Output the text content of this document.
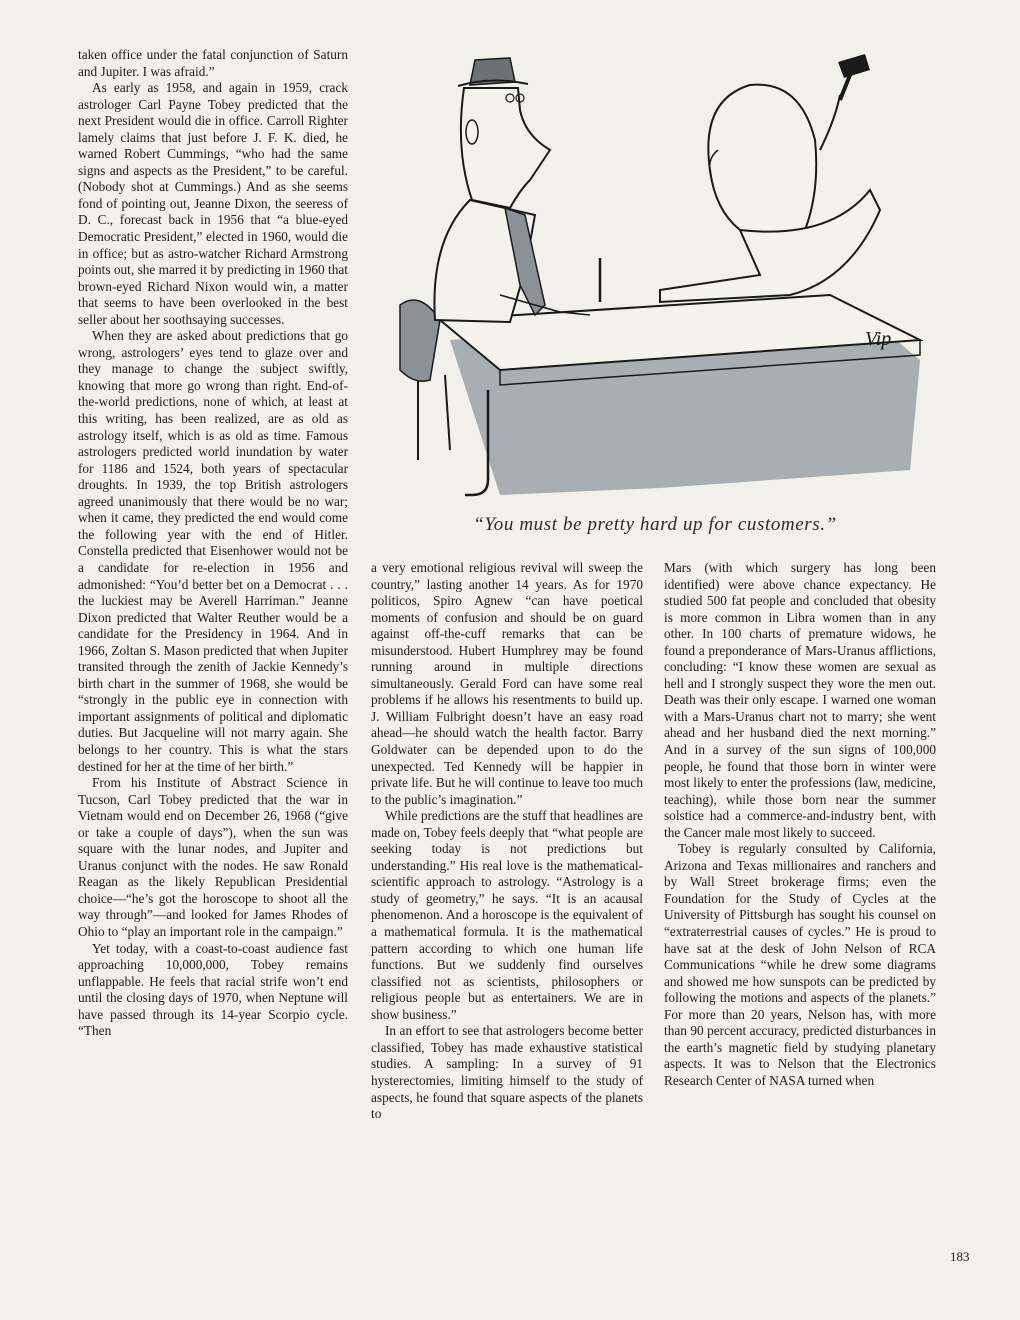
taken office under the fatal conjunction of Saturn and Jupiter. I was afraid.”

As early as 1958, and again in 1959, crack astrologer Carl Payne Tobey predicted that the next President would die in office. Carroll Righter lamely claims that just before J. F. K. died, he warned Robert Cummings, “who had the same signs and aspects as the President,” to be careful. (Nobody shot at Cummings.) And as she seems fond of pointing out, Jeanne Dixon, the seeress of D. C., forecast back in 1956 that “a blue-eyed Democratic President,” elected in 1960, would die in office; but as astro-watcher Richard Armstrong points out, she marred it by predicting in 1960 that brown-eyed Richard Nixon would win, a matter that seems to have been overlooked in the best seller about her soothsaying successes.

When they are asked about predictions that go wrong, astrologers’ eyes tend to glaze over and they manage to change the subject swiftly, knowing that more go wrong than right. End-of-the-world predictions, none of which, at least at this writing, has been realized, are as old as astrology itself, which is as old as time. Famous astrologers predicted world inundation by water for 1186 and 1524, both years of spectacular droughts. In 1939, the top British astrologers agreed unanimously that there would be no war; when it came, they predicted the end would come the following year with the end of Hitler. Constella predicted that Eisenhower would not be a candidate for re-election in 1956 and admonished: “You’d better bet on a Democrat . . . the luckiest may be Averell Harriman.” Jeanne Dixon predicted that Walter Reuther would be a candidate for the Presidency in 1964. And in 1966, Zoltan S. Mason predicted that when Jupiter transited through the zenith of Jackie Kennedy’s birth chart in the summer of 1968, she would be “strongly in the public eye in connection with important assignments of political and diplomatic duties. But Jacqueline will not marry again. She belongs to her country. This is what the stars destined for her at the time of her birth.”

From his Institute of Abstract Science in Tucson, Carl Tobey predicted that the war in Vietnam would end on December 26, 1968 (“give or take a couple of days”), when the sun was square with the lunar nodes, and Jupiter and Uranus conjunct with the nodes. He saw Ronald Reagan as the likely Republican Presidential choice—“he’s got the horoscope to shoot all the way through”—and looked for James Rhodes of Ohio to “play an important role in the campaign.”

Yet today, with a coast-to-coast audience fast approaching 10,000,000, Tobey remains unflappable. He feels that racial strife won’t end until the closing days of 1970, when Neptune will have passed through its 14-year Scorpio cycle. “Then

Vip
“You must be pretty hard up for customers.”

a very emotional religious revival will sweep the country,” lasting another 14 years. As for 1970 politicos, Spiro Agnew “can have poetical moments of confusion and should be on guard against off-the-cuff remarks that can be misunderstood. Hubert Humphrey may be found running around in multiple directions simultaneously. Gerald Ford can have some real problems if he allows his resentments to build up. J. William Fulbright doesn’t have an easy road ahead—he should watch the health factor. Barry Goldwater can be depended upon to do the unexpected. Ted Kennedy will be happier in private life. But he will continue to leave too much to the public’s imagination.”

While predictions are the stuff that headlines are made on, Tobey feels deeply that “what people are seeking today is not predictions but understanding.” His real love is the mathematical-scientific approach to astrology. “Astrology is a study of geometry,” he says. “It is an acausal phenomenon. And a horoscope is the equivalent of a mathematical formula. It is the mathematical pattern according to which one human life functions. But we suddenly find ourselves classified not as scientists, philosophers or religious people but as entertainers. We are in show business.”

In an effort to see that astrologers become better classified, Tobey has made exhaustive statistical studies. A sampling: In a survey of 91 hysterectomies, limiting himself to the study of aspects, he found that square aspects of the planets to

Mars (with which surgery has long been identified) were above chance expectancy. He studied 500 fat people and concluded that obesity is more common in Libra women than in any other. In 100 charts of premature widows, he found a preponderance of Mars-Uranus afflictions, concluding: “I know these women are sexual as hell and I strongly suspect they wore the men out. Death was their only escape. I warned one woman with a Mars-Uranus chart not to marry; she went ahead and her husband died the next morning.” And in a survey of the sun signs of 100,000 people, he found that those born in winter were most likely to enter the professions (law, medicine, teaching), while those born near the summer solstice had a commerce-and-industry bent, with the Cancer male most likely to succeed.

Tobey is regularly consulted by California, Arizona and Texas millionaires and ranchers and by Wall Street brokerage firms; even the Foundation for the Study of Cycles at the University of Pittsburgh has sought his counsel on “extraterrestrial causes of cycles.” He is proud to have sat at the desk of John Nelson of RCA Communications “while he drew some diagrams and showed me how sunspots can be predicted by following the motions and aspects of the planets.” For more than 20 years, Nelson has, with more than 90 percent accuracy, predicted disturbances in the earth’s magnetic field by studying planetary aspects. It was to Nelson that the Electronics Research Center of NASA turned when

183
